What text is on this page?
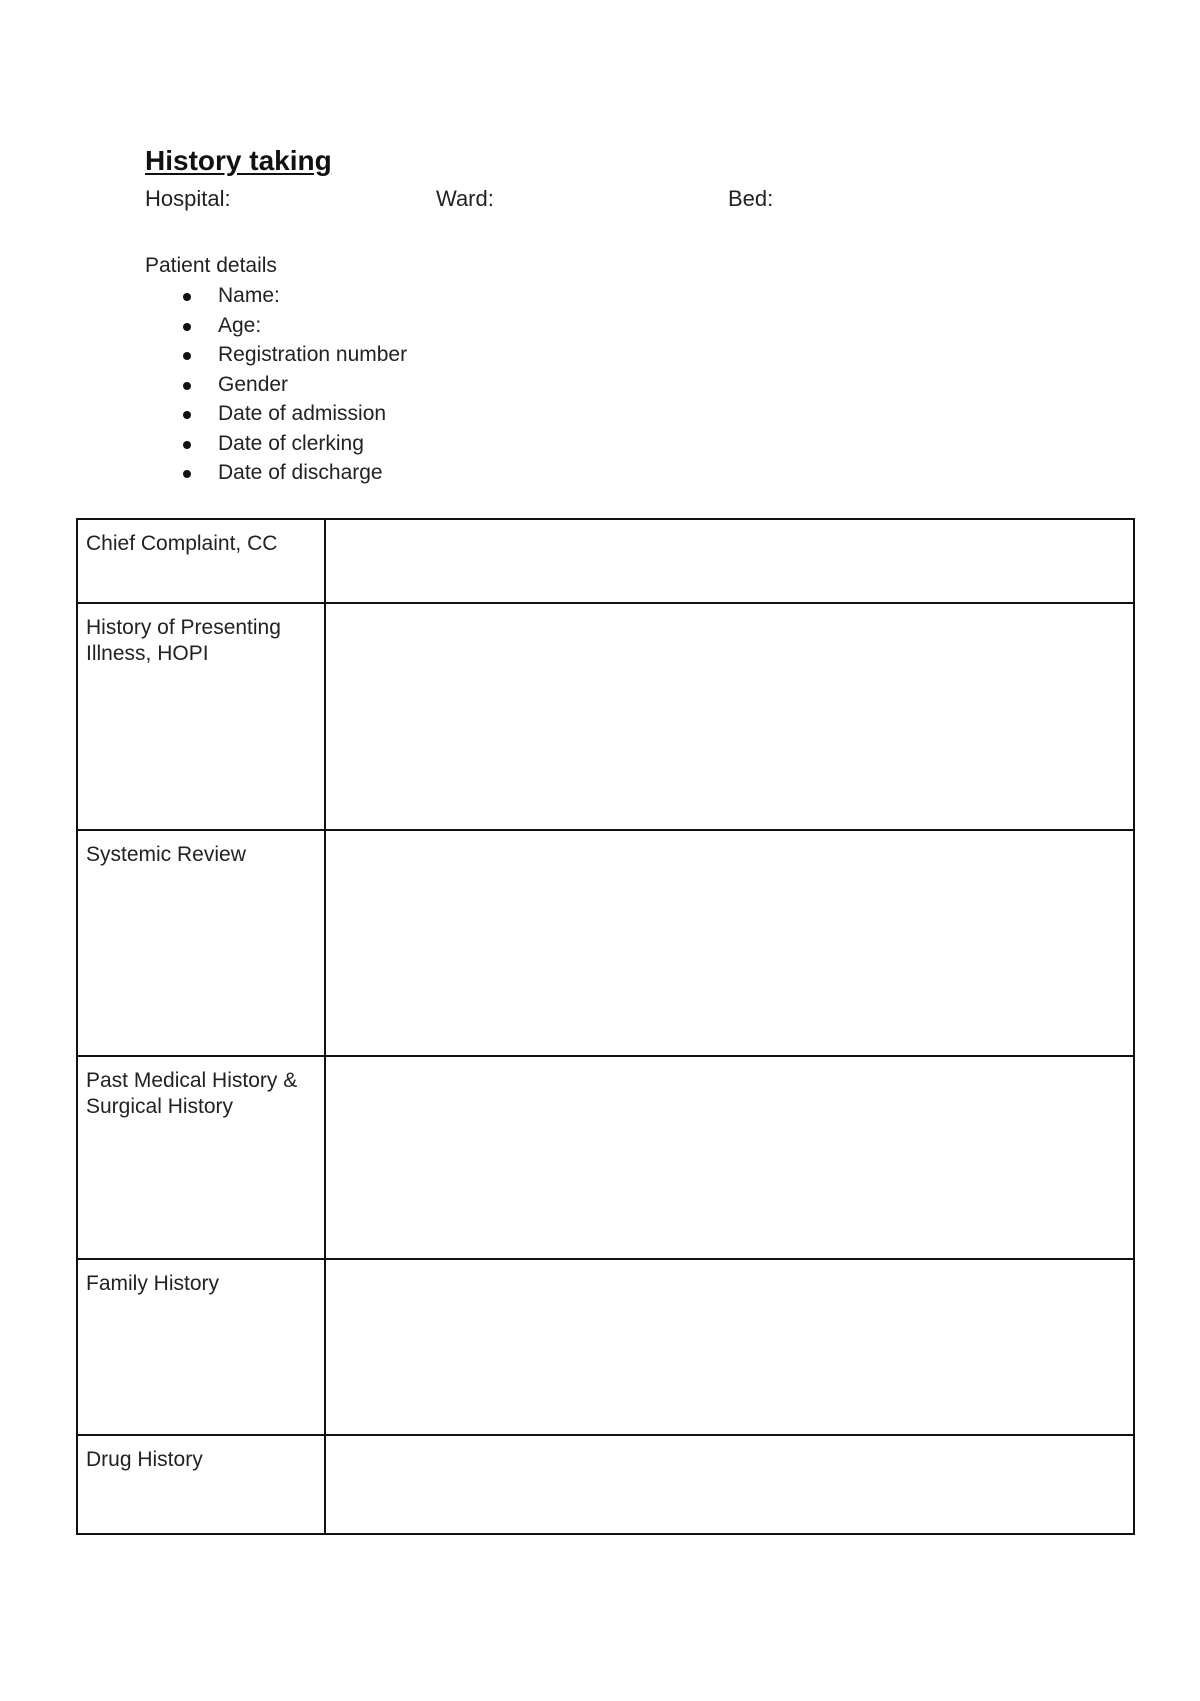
History taking
Hospital:	Ward:	Bed:

Patient details

Name:
Age:
Registration number
Gender
Date of admission
Date of clerking
Date of discharge
Chief Complaint, CC	
History of Presenting Illness, HOPI	
Systemic Review	
Past Medical History & Surgical History	
Family History	
Drug History	
